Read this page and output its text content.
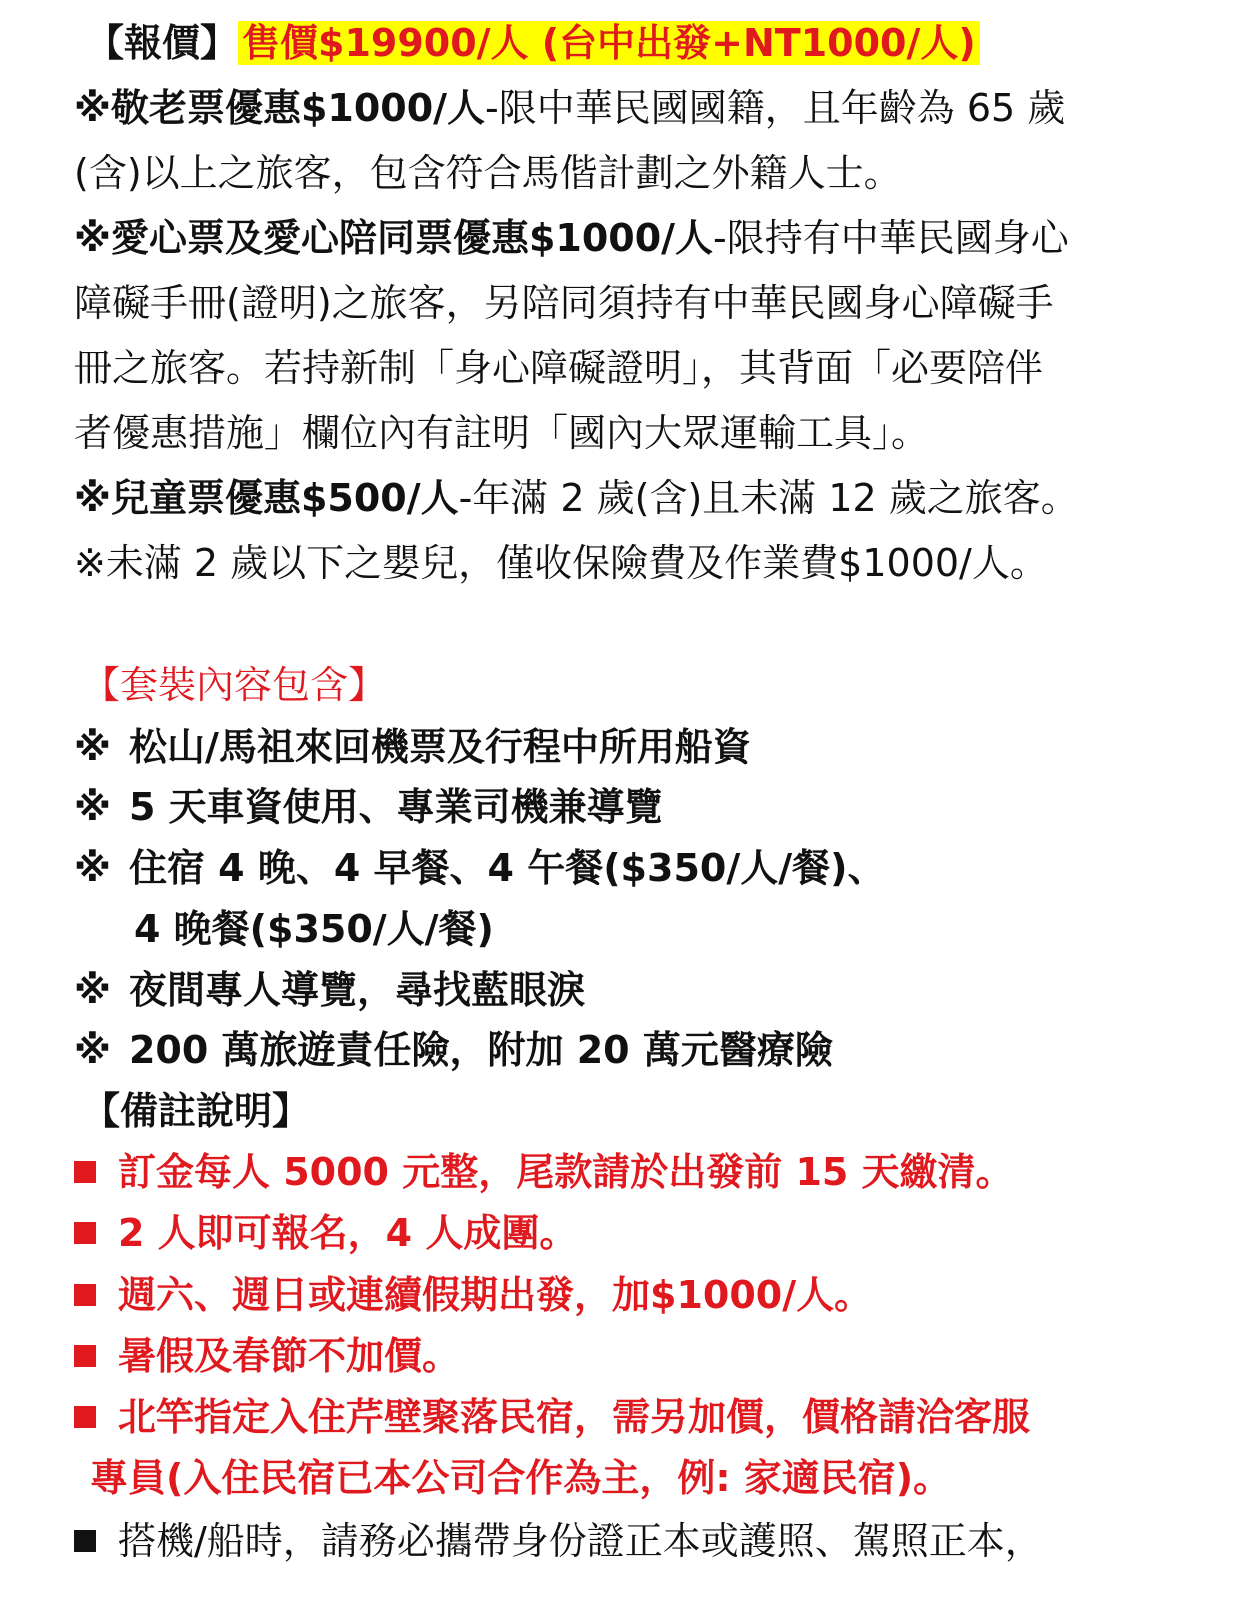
【報價】 售價$19900/人 (台中出發+NT1000/人)
※敬老票優惠$1000/人-限中華民國國籍，且年齡為 65 歲
(含)以上之旅客，包含符合馬偕計劃之外籍人士。
※愛心票及愛心陪同票優惠$1000/人-限持有中華民國身心
障礙手冊(證明)之旅客，另陪同須持有中華民國身心障礙手
冊之旅客。若持新制「身心障礙證明」，其背面「必要陪伴
者優惠措施」欄位內有註明「國內大眾運輸工具」。
※兒童票優惠$500/人-年滿 2 歲(含)且未滿 12 歲之旅客。
※未滿 2 歲以下之嬰兒，僅收保險費及作業費$1000/人。
【套裝內容包含】
※ 松山/馬祖來回機票及行程中所用船資
※ 5 天車資使用、專業司機兼導覽
※ 住宿 4 晚、4 早餐、4 午餐($350/人/餐)、
4 晚餐($350/人/餐)
※ 夜間專人導覽，尋找藍眼淚
※ 200 萬旅遊責任險，附加 20 萬元醫療險
【備註說明】
訂金每人 5000 元整，尾款請於出發前 15 天繳清。
2 人即可報名，4 人成團。
週六、週日或連續假期出發，加$1000/人。
暑假及春節不加價。
北竿指定入住芹壁聚落民宿，需另加價，價格請洽客服
專員(入住民宿已本公司合作為主，例: 家適民宿)。
搭機/船時，請務必攜帶身份證正本或護照、駕照正本，
